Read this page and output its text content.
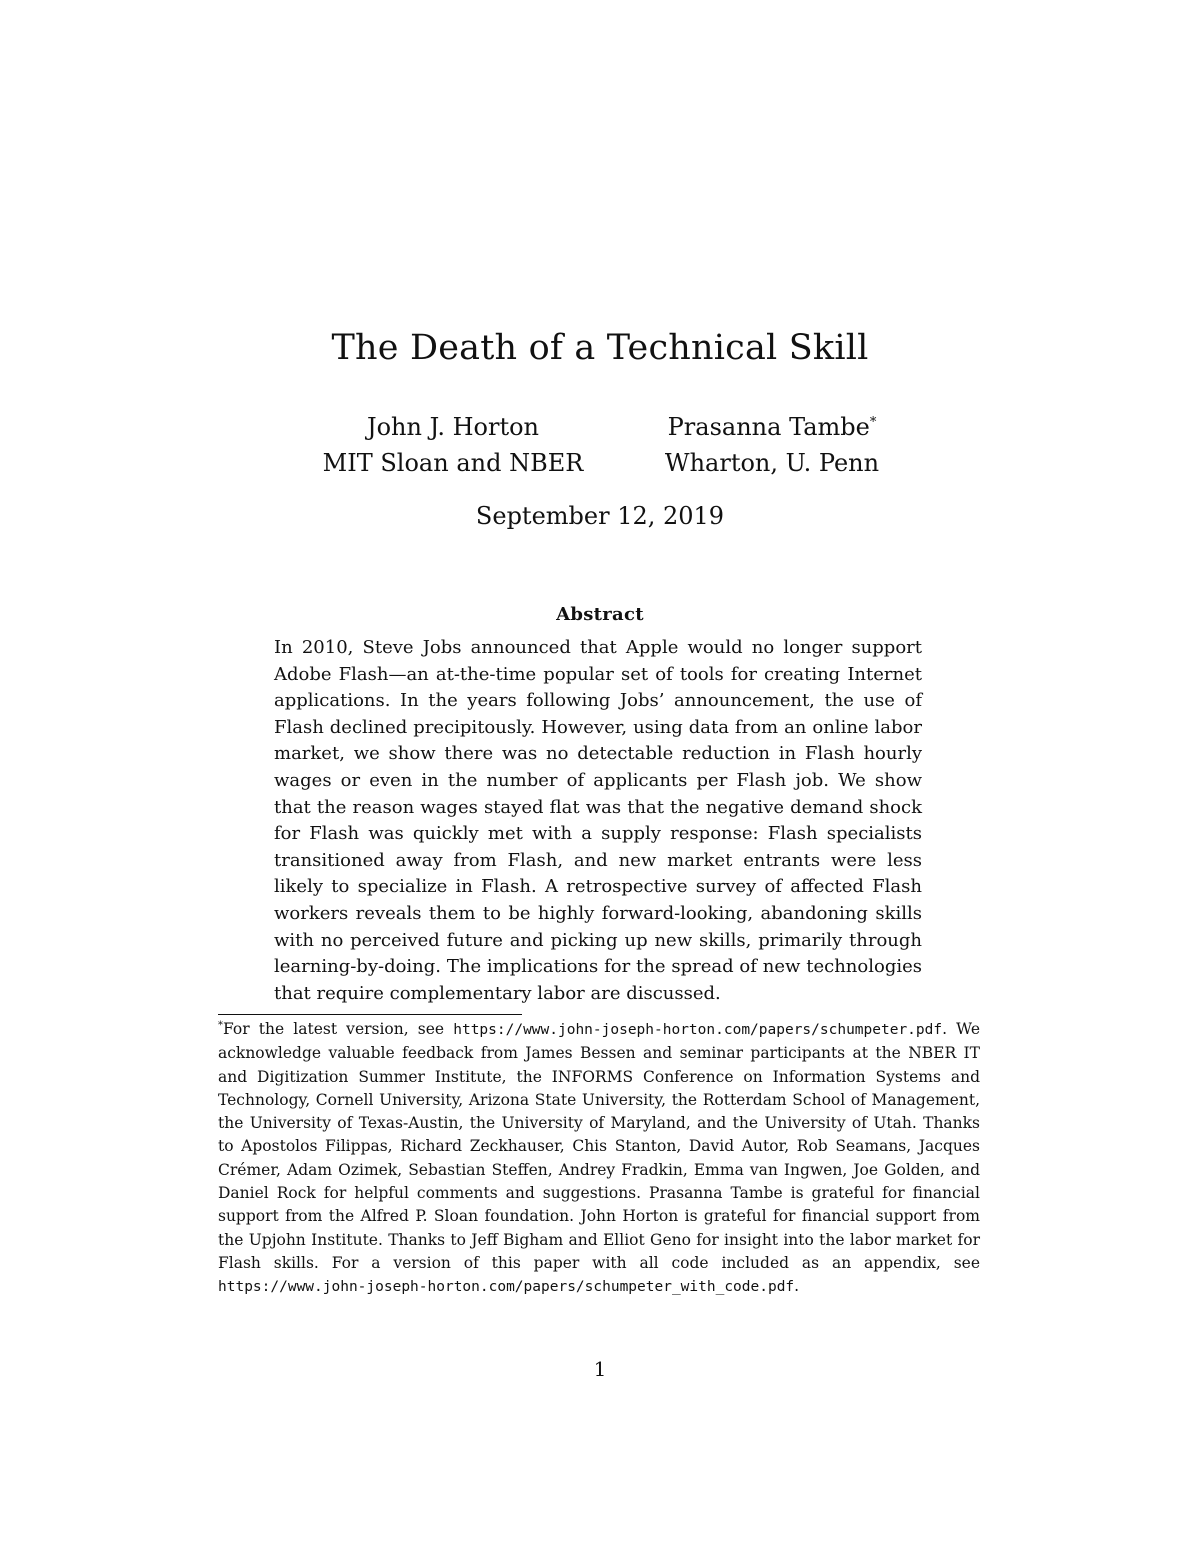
The Death of a Technical Skill
John J. Horton
MIT Sloan and NBER
Prasanna Tambe*
Wharton, U. Penn
September 12, 2019
Abstract
In 2010, Steve Jobs announced that Apple would no longer support Adobe Flash—an at-the-time popular set of tools for creating Internet applications. In the years following Jobs’ announcement, the use of Flash declined precipitously. However, using data from an online labor market, we show there was no detectable reduction in Flash hourly wages or even in the number of applicants per Flash job. We show that the reason wages stayed flat was that the negative demand shock for Flash was quickly met with a supply response: Flash specialists transitioned away from Flash, and new market entrants were less likely to specialize in Flash. A retrospective survey of affected Flash workers reveals them to be highly forward-looking, abandoning skills with no perceived future and picking up new skills, primarily through learning-by-doing. The implications for the spread of new technologies that require complementary labor are discussed.
*For the latest version, see https://www.john-joseph-horton.com/papers/schumpeter.pdf. We acknowledge valuable feedback from James Bessen and seminar participants at the NBER IT and Digitization Summer Institute, the INFORMS Conference on Information Systems and Technology, Cornell University, Arizona State University, the Rotterdam School of Management, the University of Texas-Austin, the University of Maryland, and the University of Utah. Thanks to Apostolos Filippas, Richard Zeckhauser, Chis Stanton, David Autor, Rob Seamans, Jacques Crémer, Adam Ozimek, Sebastian Steffen, Andrey Fradkin, Emma van Ingwen, Joe Golden, and Daniel Rock for helpful comments and suggestions. Prasanna Tambe is grateful for financial support from the Alfred P. Sloan foundation. John Horton is grateful for financial support from the Upjohn Institute. Thanks to Jeff Bigham and Elliot Geno for insight into the labor market for Flash skills. For a version of this paper with all code included as an appendix, see https://www.john-joseph-horton.com/papers/schumpeter_with_code.pdf.
1
